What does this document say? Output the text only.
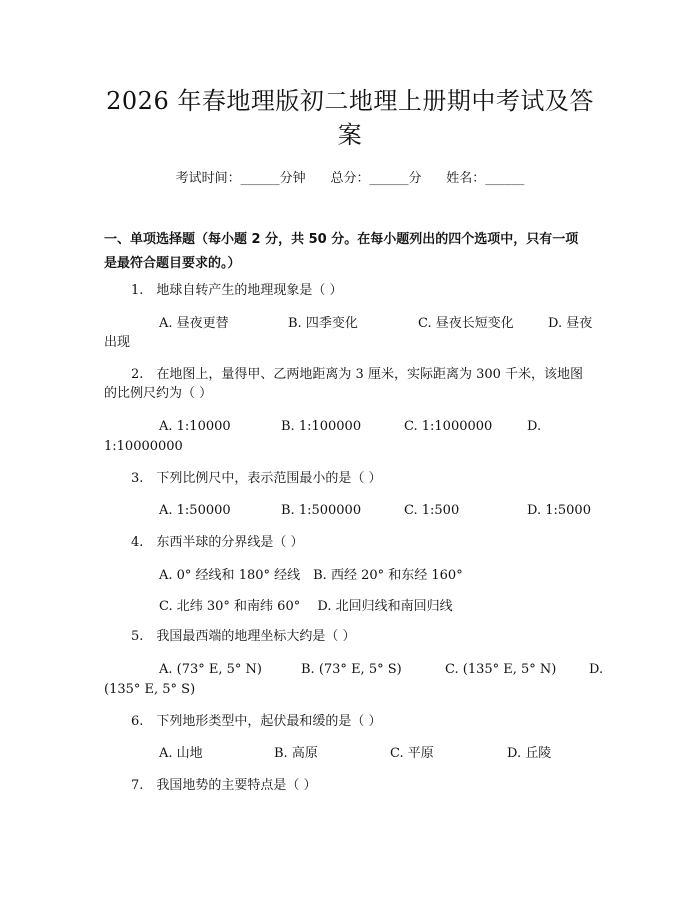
2026 年春地理版初二地理上册期中考试及答
案
考试时间：______分钟 总分：______分 姓名：______
一、单项选择题（每小题 2 分，共 50 分。在每小题列出的四个选项中，只有一项
是最符合题目要求的。）
1.　地球自转产生的地理现象是（ ）
A. 昼夜更替	B. 四季变化	C. 昼夜长短变化	D. 昼夜
出现
2.　在地图上，量得甲、乙两地距离为 3 厘米，实际距离为 300 千米，该地图
的比例尺约为（ ）
A. 1:10000	B. 1:100000	C. 1:1000000	D.
1:10000000
3.　下列比例尺中，表示范围最小的是（ ）
A. 1:50000	B. 1:500000	C. 1:500	D. 1:5000
4.　东西半球的分界线是（ ）
A. 0° 经线和 180° 经线　B. 西经 20° 和东经 160°
C. 北纬 30° 和南纬 60°　 D. 北回归线和南回归线
5.　我国最西端的地理坐标大约是（ ）
A. (73° E, 5° N)	B. (73° E, 5° S)	C. (135° E, 5° N)	D.
(135° E, 5° S)
6.　下列地形类型中，起伏最和缓的是（ ）
A. 山地	B. 高原	C. 平原	D. 丘陵
7.　我国地势的主要特点是（ ）
